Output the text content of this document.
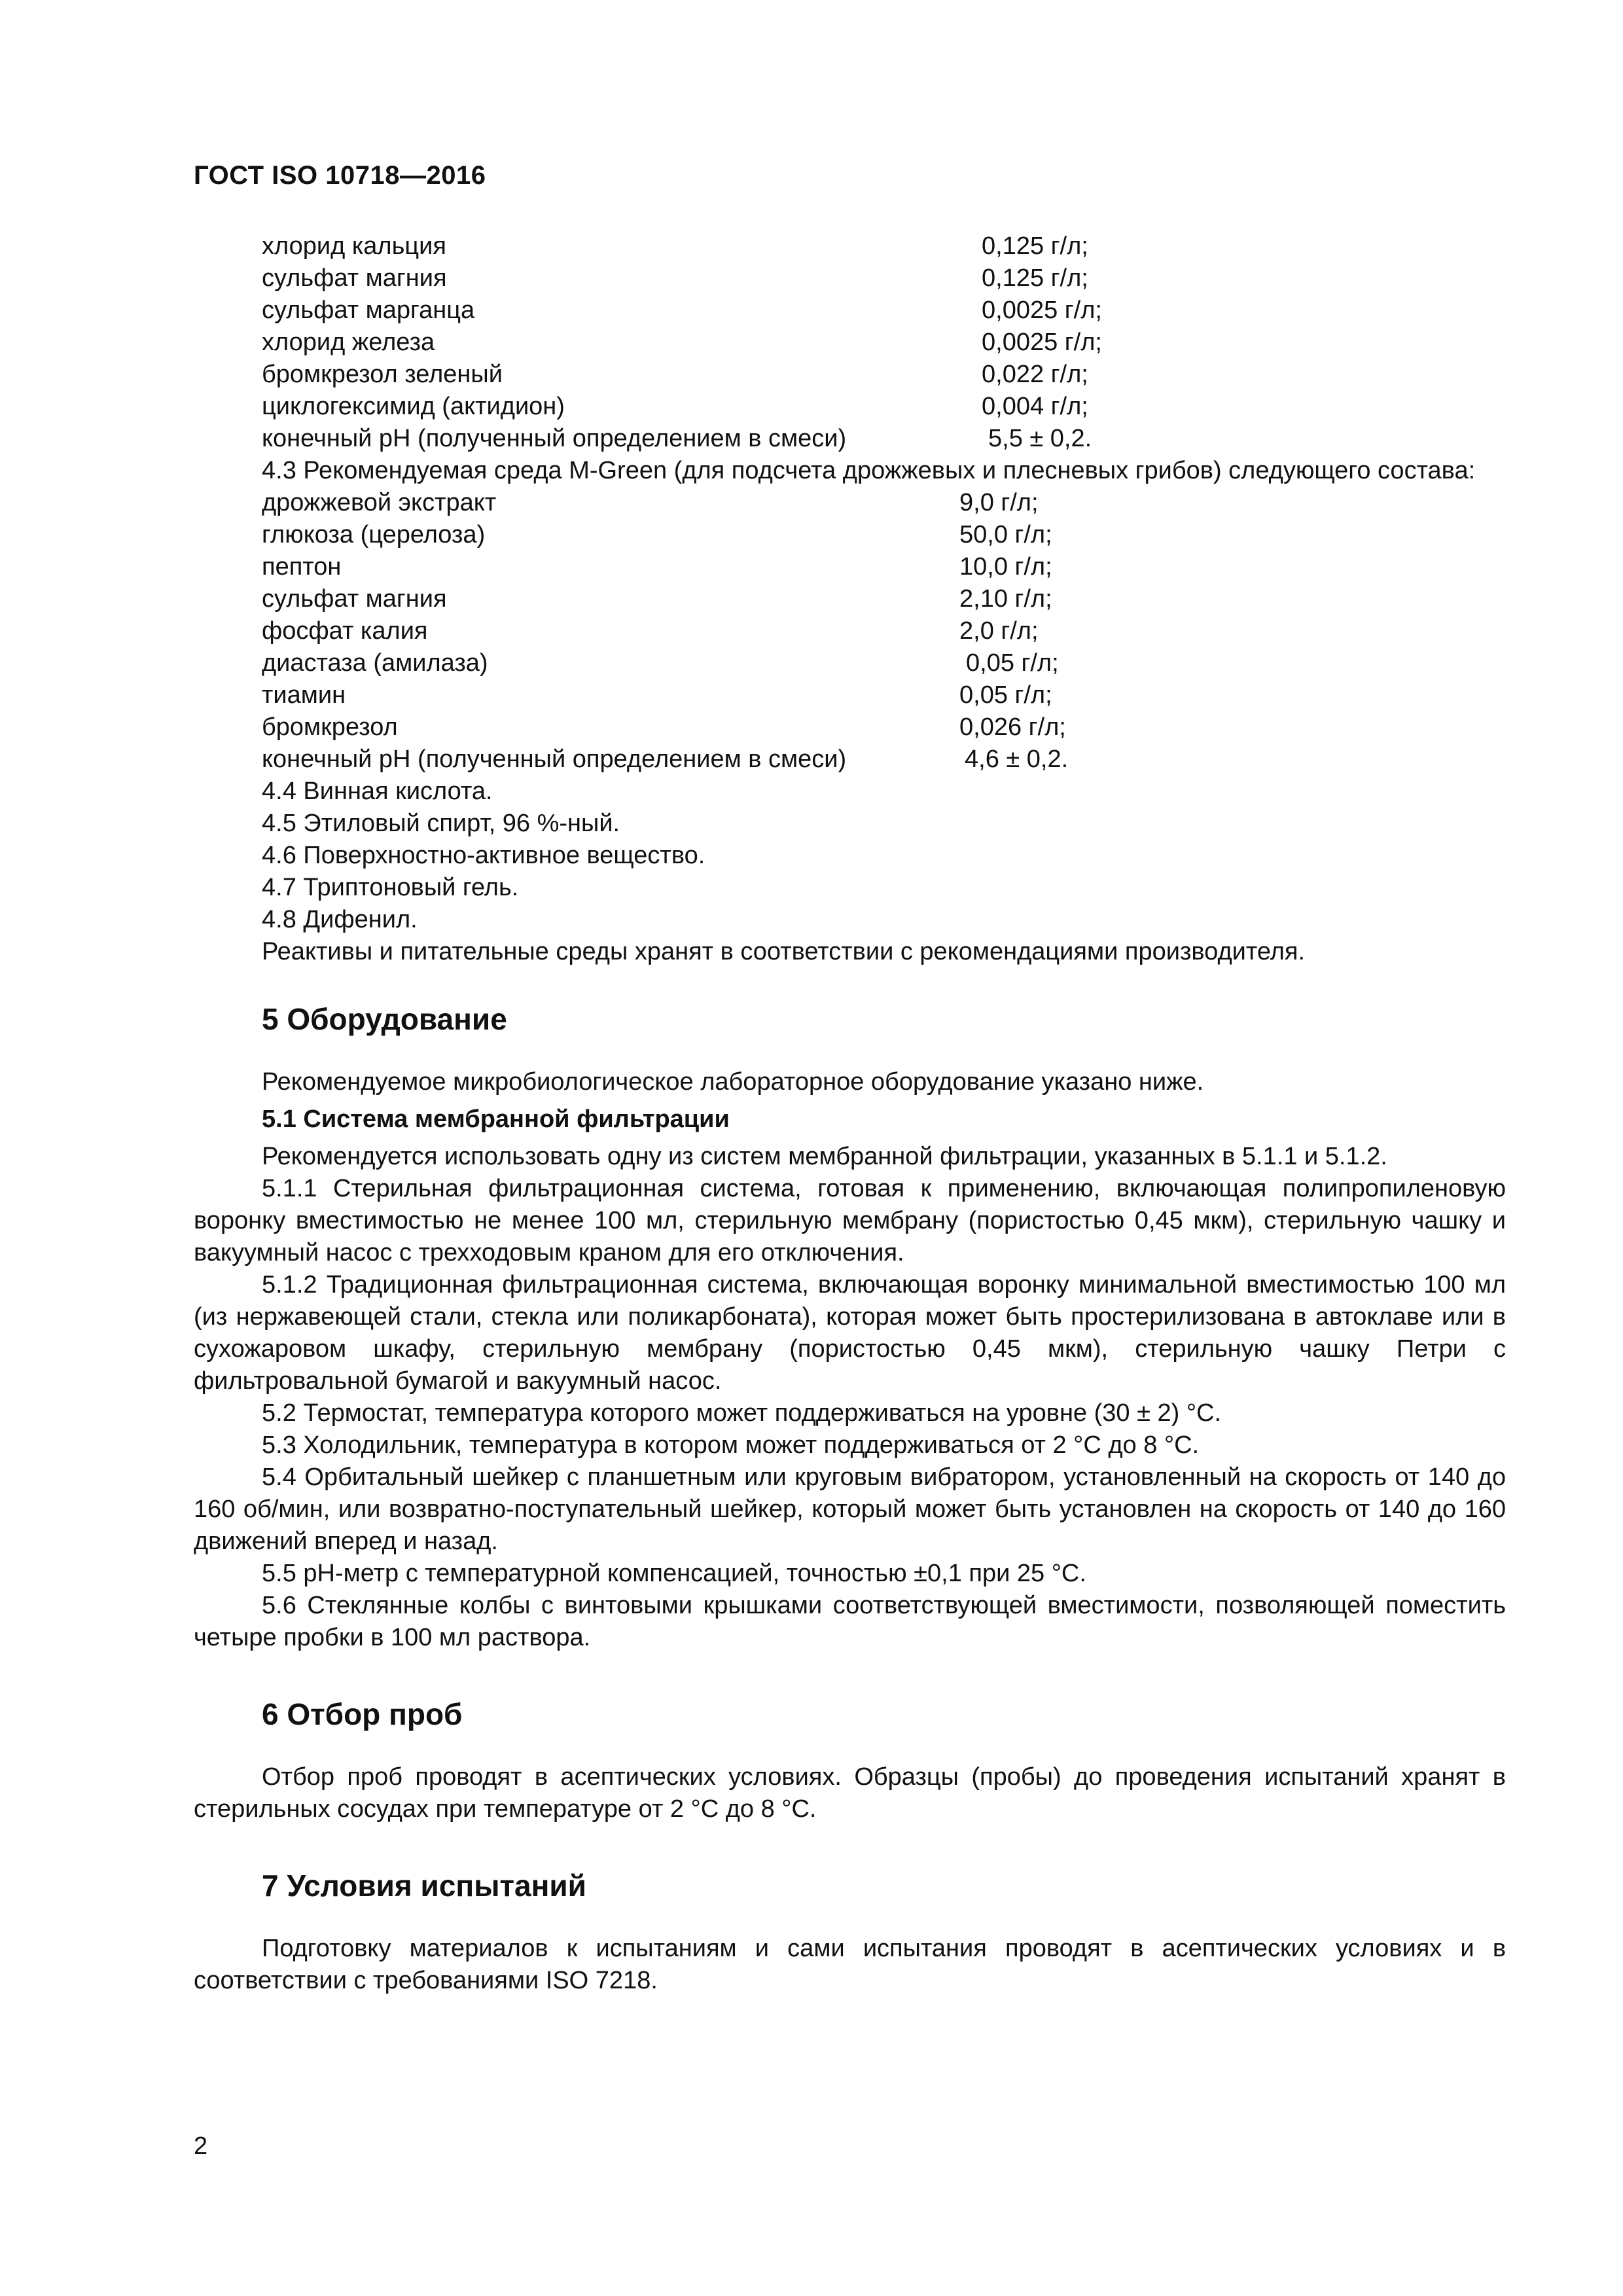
ГОСТ ISO 10718—2016
хлорид кальция	0,125 г/л;
сульфат магния	0,125 г/л;
сульфат марганца	0,0025 г/л;
хлорид железа	0,0025 г/л;
бромкрезол зеленый	0,022 г/л;
циклогексимид (актидион)	0,004 г/л;
конечный рН (полученный определением в смеси)	5,5 ± 0,2.

4.3 Рекомендуемая среда M-Green (для подсчета дрожжевых и плесневых грибов) следующего состава:

дрожжевой экстракт	9,0 г/л;
глюкоза (церелоза)	50,0 г/л;
пептон	10,0 г/л;
сульфат магния	2,10 г/л;
фосфат калия	2,0 г/л;
диастаза (амилаза)	0,05 г/л;
тиамин	0,05 г/л;
бромкрезол	0,026 г/л;
конечный рН (полученный определением в смеси)	4,6 ± 0,2.

4.4 Винная кислота.

4.5 Этиловый спирт, 96 %-ный.

4.6 Поверхностно-активное вещество.

4.7 Триптоновый гель.

4.8 Дифенил.

Реактивы и питательные среды хранят в соответствии с рекомендациями производителя.

5 Оборудование

Рекомендуемое микробиологическое лабораторное оборудование указано ниже.

5.1 Система мембранной фильтрации

Рекомендуется использовать одну из систем мембранной фильтрации, указанных в 5.1.1 и 5.1.2.

5.1.1 Стерильная фильтрационная система, готовая к применению, включающая полипропиленовую воронку вместимостью не менее 100 мл, стерильную мембрану (пористостью 0,45 мкм), стерильную чашку и вакуумный насос с трехходовым краном для его отключения.

5.1.2 Традиционная фильтрационная система, включающая воронку минимальной вместимостью 100 мл (из нержавеющей стали, стекла или поликарбоната), которая может быть простерилизована в автоклаве или в сухожаровом шкафу, стерильную мембрану (пористостью 0,45 мкм), стерильную чашку Петри с фильтровальной бумагой и вакуумный насос.

5.2 Термостат, температура которого может поддерживаться на уровне (30 ± 2) °С.

5.3 Холодильник, температура в котором может поддерживаться от 2 °С до 8 °С.

5.4 Орбитальный шейкер с планшетным или круговым вибратором, установленный на скорость от 140 до 160 об/мин, или возвратно-поступательный шейкер, который может быть установлен на скорость от 140 до 160 движений вперед и назад.

5.5 рН-метр с температурной компенсацией, точностью ±0,1 при 25 °С.

5.6 Стеклянные колбы с винтовыми крышками соответствующей вместимости, позволяющей поместить четыре пробки в 100 мл раствора.

6 Отбор проб

Отбор проб проводят в асептических условиях. Образцы (пробы) до проведения испытаний хранят в стерильных сосудах при температуре от 2 °С до 8 °С.

7 Условия испытаний

Подготовку материалов к испытаниям и сами испытания проводят в асептических условиях и в соответствии с требованиями ISO 7218.

2
